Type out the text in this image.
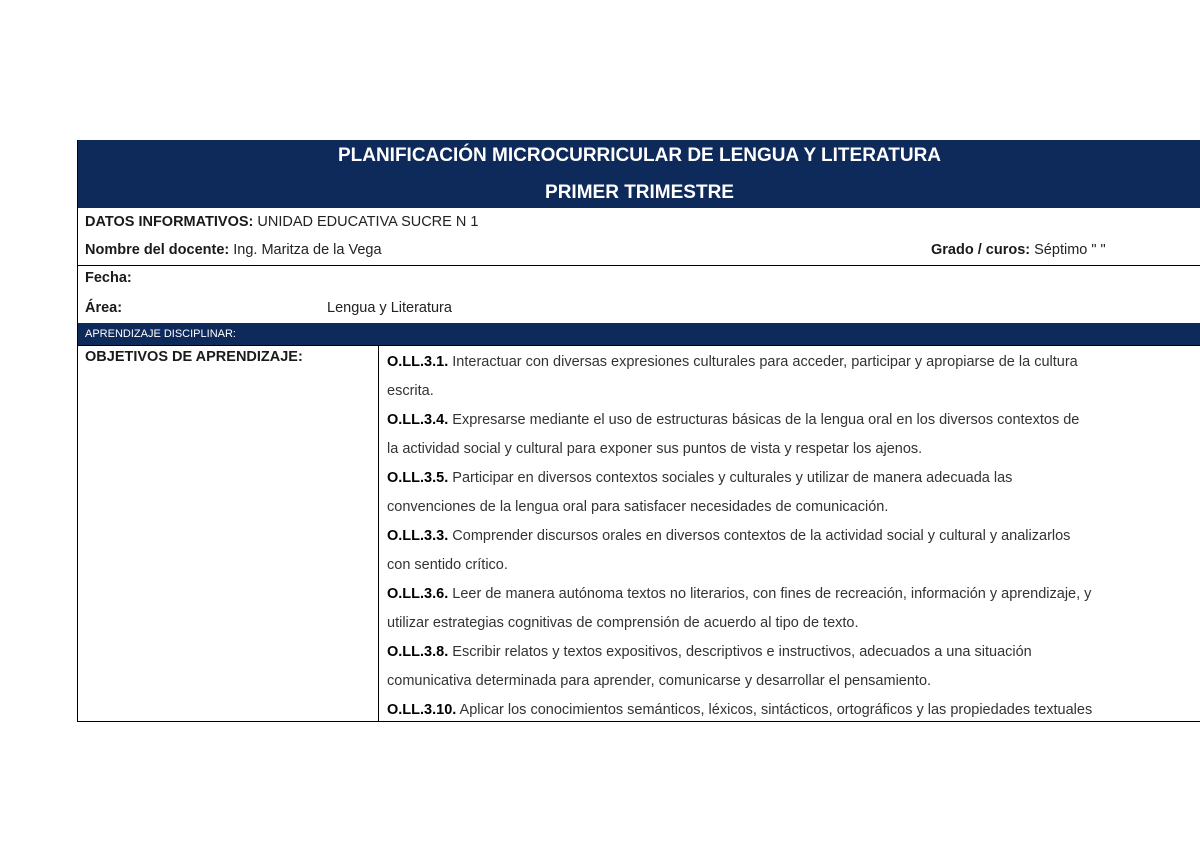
PLANIFICACIÓN MICROCURRICULAR DE LENGUA Y LITERATURA
PRIMER TRIMESTRE
DATOS INFORMATIVOS: UNIDAD EDUCATIVA SUCRE N 1
Nombre del docente: Ing. Maritza de la Vega	Grado / curos: Séptimo " "
Fecha:
Área:	Lengua y Literatura
APRENDIZAJE DISCIPLINAR:
OBJETIVOS DE APRENDIZAJE:	O.LL.3.1. Interactuar con diversas expresiones culturales para acceder, participar y apropiarse de la cultura
escrita.
O.LL.3.4. Expresarse mediante el uso de estructuras básicas de la lengua oral en los diversos contextos de
la actividad social y cultural para exponer sus puntos de vista y respetar los ajenos.
O.LL.3.5. Participar en diversos contextos sociales y culturales y utilizar de manera adecuada las
convenciones de la lengua oral para satisfacer necesidades de comunicación.
O.LL.3.3. Comprender discursos orales en diversos contextos de la actividad social y cultural y analizarlos
con sentido crítico.
O.LL.3.6. Leer de manera autónoma textos no literarios, con fines de recreación, información y aprendizaje, y
utilizar estrategias cognitivas de comprensión de acuerdo al tipo de texto.
O.LL.3.8. Escribir relatos y textos expositivos, descriptivos e instructivos, adecuados a una situación
comunicativa determinada para aprender, comunicarse y desarrollar el pensamiento.
O.LL.3.10. Aplicar los conocimientos semánticos, léxicos, sintácticos, ortográficos y las propiedades textuales
